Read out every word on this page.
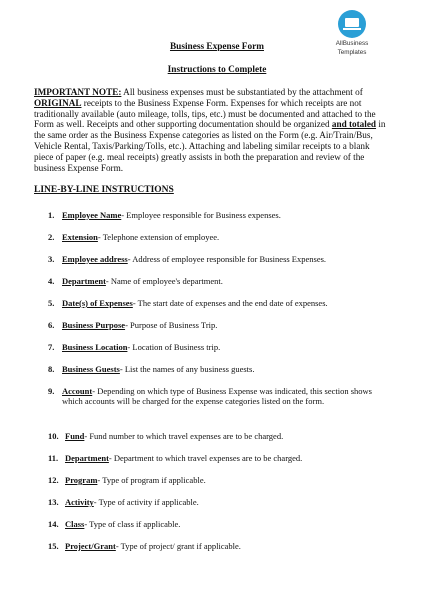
AllBusiness
Templates
Business Expense Form
Instructions to Complete
IMPORTANT NOTE: All business expenses must be substantiated by the attachment of ORIGINAL receipts to the Business Expense Form. Expenses for which receipts are not traditionally available (auto mileage, tolls, tips, etc.) must be documented and attached to the Form as well. Receipts and other supporting documentation should be organized and totaled in the same order as the Business Expense categories as listed on the Form (e.g. Air/Train/Bus, Vehicle Rental, Taxis/Parking/Tolls, etc.). Attaching and labeling similar receipts to a blank piece of paper (e.g. meal receipts) greatly assists in both the preparation and review of the business Expense Form.
LINE-BY-LINE INSTRUCTIONS
1. Employee Name- Employee responsible for Business expenses.
2. Extension- Telephone extension of employee.
3. Employee address- Address of employee responsible for Business Expenses.
4. Department- Name of employee's department.
5. Date(s) of Expenses- The start date of expenses and the end date of expenses.
6. Business Purpose- Purpose of Business Trip.
7. Business Location- Location of Business trip.
8. Business Guests- List the names of any business guests.
9. Account- Depending on which type of Business Expense was indicated, this section shows which accounts will be charged for the expense categories listed on the form.
10. Fund- Fund number to which travel expenses are to be charged.
11. Department- Department to which travel expenses are to be charged.
12. Program- Type of program if applicable.
13. Activity- Type of activity if applicable.
14. Class- Type of class if applicable.
15. Project/Grant- Type of project/ grant if applicable.
